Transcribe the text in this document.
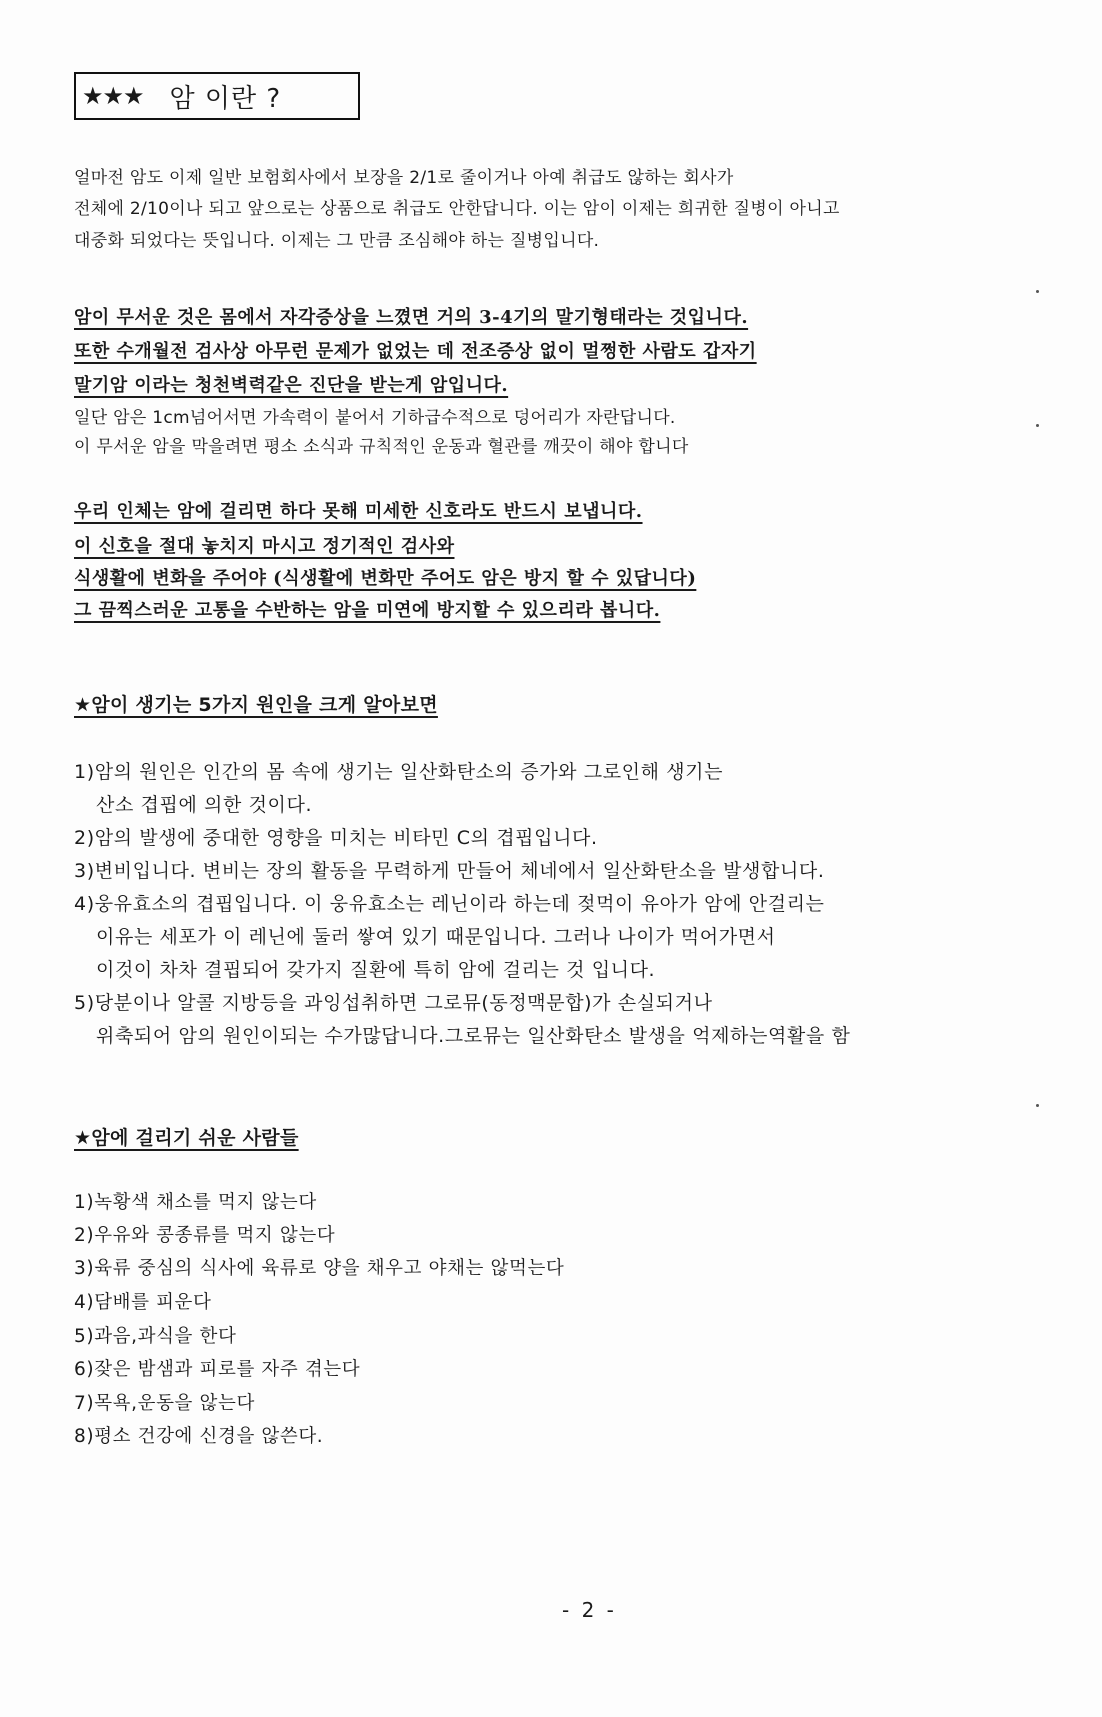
★★★ 암 이란 ?
얼마전 암도 이제 일반 보험회사에서 보장을 2/1로 줄이거나 아예 취급도 않하는 회사가
전체에 2/10이나 되고 앞으로는 상품으로 취급도 안한답니다. 이는 암이 이제는 희귀한 질병이 아니고
대중화 되었다는 뜻입니다. 이제는 그 만큼 조심해야 하는 질병입니다.
암이 무서운 것은 몸에서 자각증상을 느꼈면 거의 3-4기의 말기형태라는 것입니다.
또한 수개월전 검사상 아무런 문제가 없었는 데 전조증상 없이 멀쩡한 사람도 갑자기
말기암 이라는 청천벽력같은 진단을 받는게 암입니다.
일단 암은 1cm넘어서면 가속력이 붙어서 기하급수적으로 덩어리가 자란답니다.
이 무서운 암을 막을려면 평소 소식과 규칙적인 운동과 혈관를 깨끗이 해야 합니다
우리 인체는 암에 걸리면 하다 못해 미세한 신호라도 반드시 보냅니다.
이 신호을 절대 놓치지 마시고 정기적인 검사와
식생활에 변화을 주어야 (식생활에 변화만 주어도 암은 방지 할 수 있답니다)
그 끔찍스러운 고통을 수반하는 암을 미연에 방지할 수 있으리라 봅니다.
★암이 생기는 5가지 원인을 크게 알아보면
1)암의 원인은 인간의 몸 속에 생기는 일산화탄소의 증가와 그로인해 생기는
산소 겹핍에 의한 것이다.
2)암의 발생에 중대한 영향을 미치는 비타민 C의 겹핍입니다.
3)변비입니다. 변비는 장의 활동을 무력하게 만들어 체네에서 일산화탄소을 발생합니다.
4)웅유효소의 겹핍입니다. 이 웅유효소는 레닌이라 하는데 젖먹이 유아가 암에 안걸리는
이유는 세포가 이 레닌에 둘러 쌓여 있기 때문입니다. 그러나 나이가 먹어가면서
이것이 차차 결핍되어 갖가지 질환에 특히 암에 걸리는 것 입니다.
5)당분이나 알콜 지방등을 과잉섭취하면 그로뮤(동정맥문합)가 손실되거나
위축되어 암의 원인이되는 수가많답니다.그로뮤는 일산화탄소 발생을 억제하는역활을 함
★암에 걸리기 쉬운 사람들
1)녹황색 채소를 먹지 않는다
2)우유와 콩종류를 먹지 않는다
3)육류 중심의 식사에 육류로 양을 채우고 야채는 않먹는다
4)담배를 피운다
5)과음,과식을 한다
6)잦은 밤샘과 피로를 자주 겪는다
7)목욕,운동을 않는다
8)평소 건강에 신경을 않쓴다.
- 2 -
